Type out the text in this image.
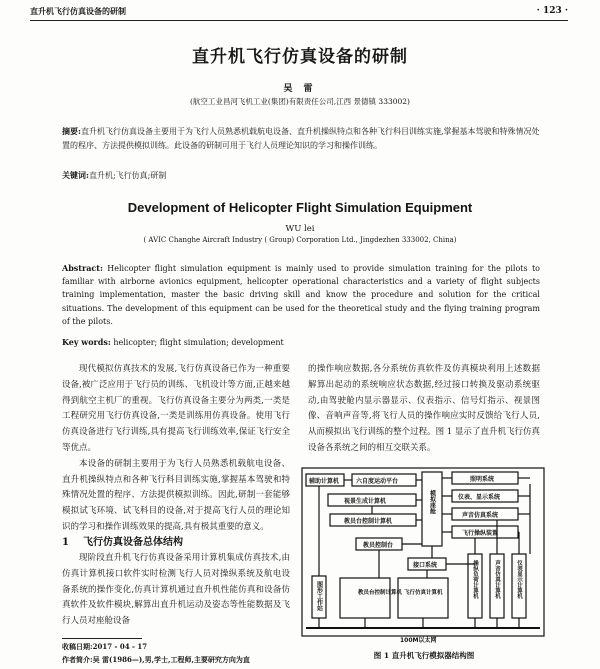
直升机飞行仿真设备的研制	· 123 ·
直升机飞行仿真设备的研制
吴 雷
(航空工业昌河飞机工业(集团)有限责任公司,江西 景德镇 333002)
摘要:直升机飞行仿真设备主要用于为飞行人员熟悉机载航电设备、直升机操纵特点和各种飞行科目训练实施,掌握基本驾驶和特殊情况处置的程序、方法提供模拟训练。此设备的研制可用于飞行人员理论知识的学习和操作训练。
关键词:直升机;飞行仿真;研制
Development of Helicopter Flight Simulation Equipment
WU lei
( AVIC Changhe Aircraft Industry ( Group) Corporation Ltd., Jingdezhen 333002, China)
Abstract: Helicopter flight simulation equipment is mainly used to provide simulation training for the pilots to familiar with airborne avionics equipment, helicopter operational characteristics and a variety of flight subjects training implementation, master the basic driving skill and know the procedure and solution for the critical situations. The development of this equipment can be used for the theoretical study and the flying training program of the pilots.
Key words: helicopter; flight simulation; development

现代模拟仿真技术的发展,飞行仿真设备已作为一种重要设备,被广泛应用于飞行员的训练、飞机设计等方面,正越来越得到航空主机厂的重视。飞行仿真设备主要分为两类,一类是工程研究用飞行仿真设备,一类是训练用仿真设备。使用飞行仿真设备进行飞行训练,具有提高飞行训练效率,保证飞行安全等优点。

本设备的研制主要用于为飞行人员熟悉机载航电设备、直升机操纵特点和各种飞行科目训练实施,掌握基本驾驶和特殊情况处置的程序、方法提供模拟训练。因此,研制一套能够模拟试飞环境、试飞科目的设备,对于提高飞行人员的理论知识的学习和操作训练效果的提高,具有极其重要的意义。

1 飞行仿真设备总体结构

现阶段直升机飞行仿真设备采用计算机集成仿真技术,由仿真计算机接口软件实时检测飞行人员对操纵系统及航电设备系统的操作变化,仿真计算机通过直升机性能仿真和设备仿真软件及软件模块,解算出直升机运动及姿态等性能数据及飞行人员对座舱设备

的操作响应数据,各分系统仿真软件及仿真模块利用上述数据解算出起动的系统响应状态数据,经过接口转换及驱动系统驱动,由驾驶舱内显示器显示、仪表指示、信号灯指示、视景图像、音响声音等,将飞行人员的操作响应实时反馈给飞行人员,从而模拟出飞行训练的整个过程。图 1 显示了直升机飞行仿真设备各系统之间的相互交联关系。

辅助计算机	六自度运动平台
视景生成计算机
教员台控制计算机
模拟座舱
照明系统
仪表、显示系统
声音仿真系统
飞行操纵装置
教员控制台
接口系统
图形工作站	教员台控制计算机 飞行仿真计算机	操纵负荷计算机	声音仿真计算机	仪表显示计算机
100M以太网
收稿日期:2017 - 04 - 17
作者简介:吴 雷(1986—),男,学士,工程师,主要研究方向为直	图 1 直升机飞行模拟器结构图
